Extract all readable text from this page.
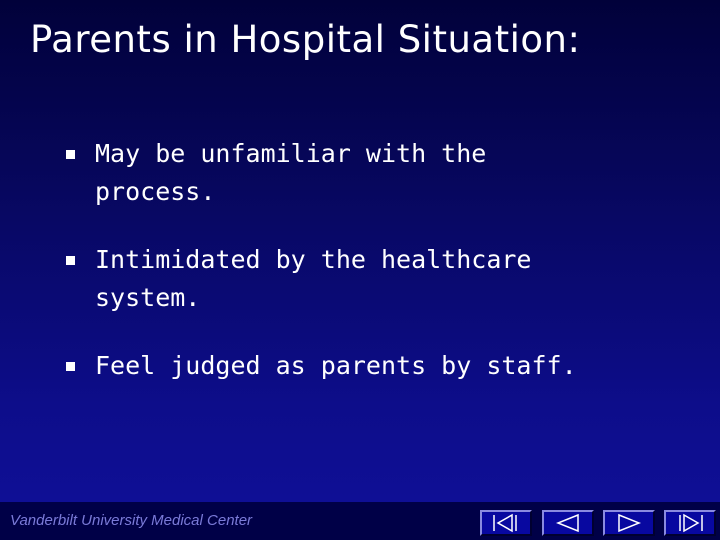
Parents in Hospital Situation:
May be unfamiliar with the process.
Intimidated by the healthcare system.
Feel judged as parents by staff.
Vanderbilt University Medical Center
